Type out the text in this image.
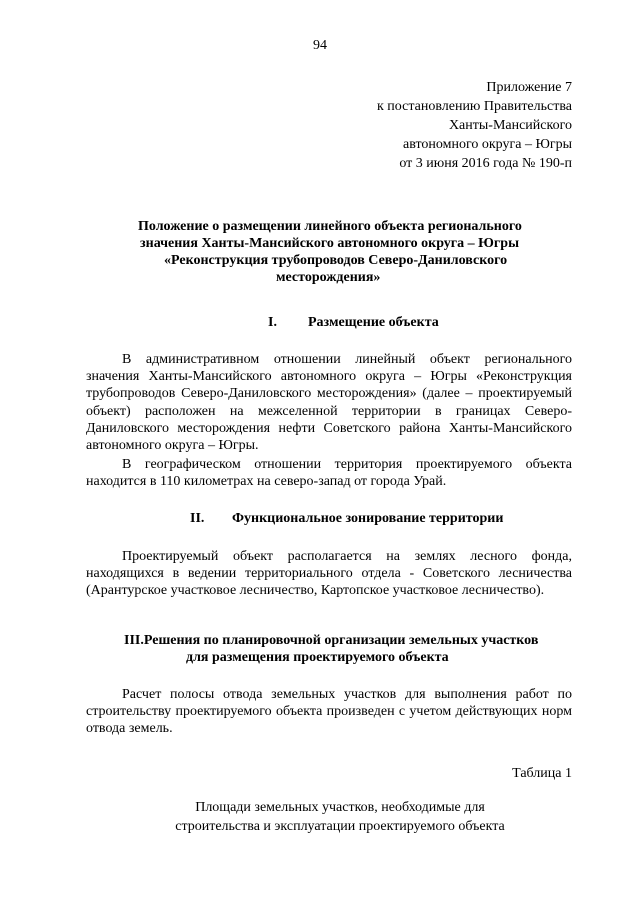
94
Приложение 7
к постановлению Правительства
Ханты-Мансийского
автономного округа – Югры
от 3 июня 2016 года № 190-п
Положение о размещении линейного объекта регионального
значения Ханты-Мансийского автономного округа – Югры
«Реконструкция трубопроводов Северо-Даниловского
месторождения»
I. Размещение объекта
В административном отношении линейный объект регионального значения Ханты-Мансийского автономного округа – Югры «Реконструкция трубопроводов Северо-Даниловского месторождения» (далее – проектируемый объект) расположен на межселенной территории в границах Северо-Даниловского месторождения нефти Советского района Ханты-Мансийского автономного округа – Югры.
В географическом отношении территория проектируемого объекта находится в 110 километрах на северо-запад от города Урай.
II. Функциональное зонирование территории
Проектируемый объект располагается на землях лесного фонда, находящихся в ведении территориального отдела - Советского лесничества (Арантурское участковое лесничество, Картопское участковое лесничество).
III.Решения по планировочной организации земельных участков
для размещения проектируемого объекта
Расчет полосы отвода земельных участков для выполнения работ по строительству проектируемого объекта произведен с учетом действующих норм отвода земель.
Таблица 1
Площади земельных участков, необходимые для
строительства и эксплуатации проектируемого объекта
